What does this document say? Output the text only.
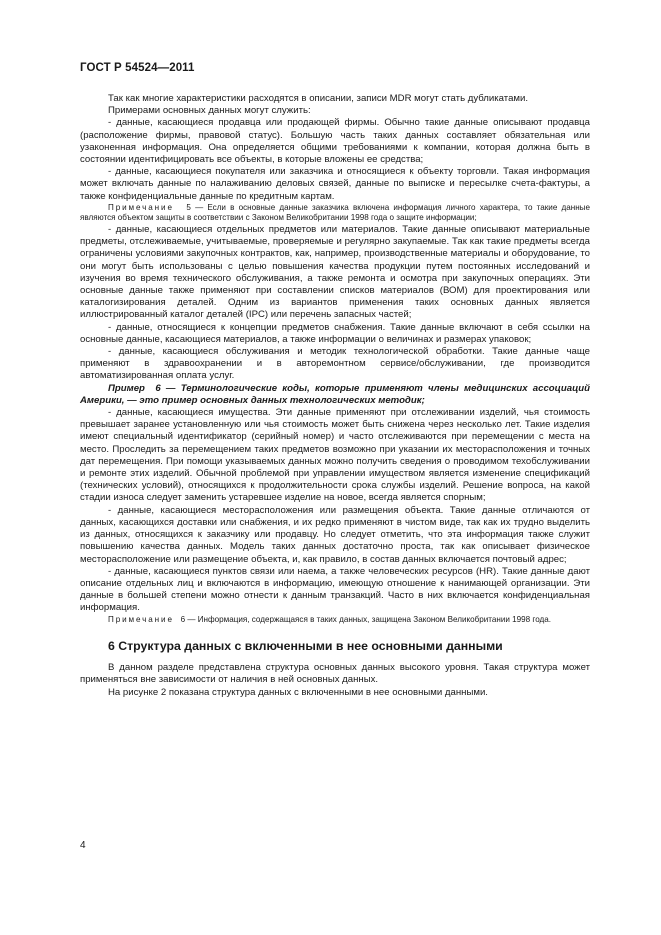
ГОСТ Р 54524—2011

Так как многие характеристики расходятся в описании, записи MDR могут стать дубликатами.

Примерами основных данных могут служить:

- данные, касающиеся продавца или продающей фирмы. Обычно такие данные описывают продавца (расположение фирмы, правовой статус). Большую часть таких данных составляет обязательная или узаконенная информация. Она определяется общими требованиями к компании, которая должна быть в состоянии идентифицировать все объекты, в которые вложены ее средства;

- данные, касающиеся покупателя или заказчика и относящиеся к объекту торговли. Такая информация может включать данные по налаживанию деловых связей, данные по выписке и пересылке счета-фактуры, а также конфиденциальные данные по кредитным картам.

Примечание 5 — Если в основные данные заказчика включена информация личного характера, то такие данные являются объектом защиты в соответствии с Законом Великобритании 1998 года о защите информации;

- данные, касающиеся отдельных предметов или материалов. Такие данные описывают материальные предметы, отслеживаемые, учитываемые, проверяемые и регулярно закупаемые. Так как такие предметы всегда ограничены условиями закупочных контрактов, как, например, производственные материалы и оборудование, то они могут быть использованы с целью повышения качества продукции путем постоянных исследований и изучения во время технического обслуживания, а также ремонта и осмотра при закупочных операциях. Эти основные данные также применяют при составлении списков материалов (ВОМ) для проектирования или каталогизирования деталей. Одним из вариантов применения таких основных данных является иллюстрированный каталог деталей (IPC) или перечень запасных частей;

- данные, относящиеся к концепции предметов снабжения. Такие данные включают в себя ссылки на основные данные, касающиеся материалов, а также информации о величинах и размерах упаковок;

- данные, касающиеся обслуживания и методик технологической обработки. Такие данные чаще применяют в здравоохранении и в авторемонтном сервисе/обслуживании, где производится автоматизированная оплата услуг.

Пример 6 — Терминологические коды, которые применяют члены медицинских ассоциаций Америки, — это пример основных данных технологических методик;

- данные, касающиеся имущества. Эти данные применяют при отслеживании изделий, чья стоимость превышает заранее установленную или чья стоимость может быть снижена через несколько лет. Такие изделия имеют специальный идентификатор (серийный номер) и часто отслеживаются при перемещении с места на место. Проследить за перемещением таких предметов возможно при указании их месторасположения и точных дат перемещения. При помощи указываемых данных можно получить сведения о проводимом техобслуживании и ремонте этих изделий. Обычной проблемой при управлении имуществом является изменение спецификаций (технических условий), относящихся к продолжительности срока службы изделий. Решение вопроса, на какой стадии износа следует заменить устаревшее изделие на новое, всегда является спорным;

- данные, касающиеся месторасположения или размещения объекта. Такие данные отличаются от данных, касающихся доставки или снабжения, и их редко применяют в чистом виде, так как их трудно выделить из данных, относящихся к заказчику или продавцу. Но следует отметить, что эта информация также служит повышению качества данных. Модель таких данных достаточно проста, так как описывает физическое месторасположение или размещение объекта, и, как правило, в состав данных включается почтовый адрес;

- данные, касающиеся пунктов связи или наема, а также человеческих ресурсов (HR). Такие данные дают описание отдельных лиц и включаются в информацию, имеющую отношение к нанимающей организации. Эти данные в большей степени можно отнести к данным транзакций. Часто в них включается конфиденциальная информация.

Примечание 6 — Информация, содержащаяся в таких данных, защищена Законом Великобритании 1998 года.

6 Структура данных с включенными в нее основными данными

В данном разделе представлена структура основных данных высокого уровня. Такая структура может применяться вне зависимости от наличия в ней основных данных.

На рисунке 2 показана структура данных с включенными в нее основными данными.

4
